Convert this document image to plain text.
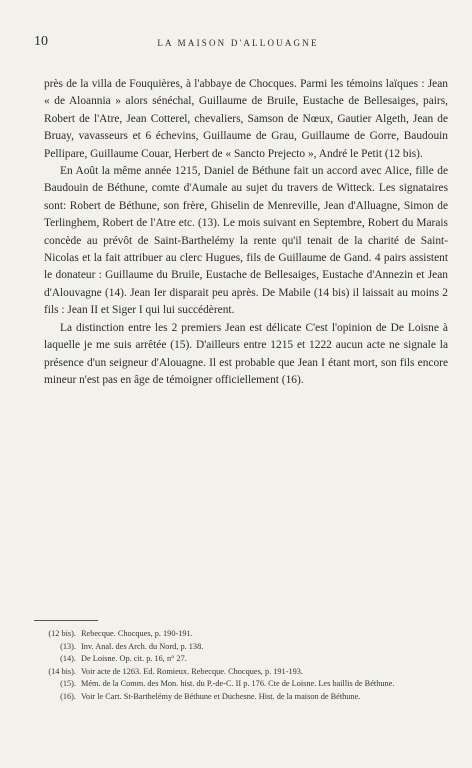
10	LA MAISON D'ALLOUAGNE

près de la villa de Fouquières, à l'abbaye de Chocques. Parmi les témoins laïques : Jean « de Aloannia » alors sénéchal, Guillaume de Bruile, Eustache de Bellesaiges, pairs, Robert de l'Atre, Jean Cotterel, chevaliers, Samson de Nœux, Gautier Algeth, Jean de Bruay, vavasseurs et 6 échevins, Guillaume de Grau, Guillaume de Gorre, Baudouin Pellipare, Guillaume Couar, Herbert de « Sancto Prejecto », André le Petit (12 bis).

En Août la même année 1215, Daniel de Béthune fait un accord avec Alice, fille de Baudouin de Béthune, comte d'Aumale au sujet du travers de Witteck. Les signataires sont: Robert de Béthune, son frère, Ghiselin de Menreville, Jean d'Alluagne, Simon de Terlinghem, Robert de l'Atre etc. (13). Le mois suivant en Septembre, Robert du Marais concède au prévôt de Saint-Barthelémy la rente qu'il tenait de la charité de Saint-Nicolas et la fait attribuer au clerc Hugues, fils de Guillaume de Gand. 4 pairs assistent le donateur : Guillaume du Bruile, Eustache de Bellesaiges, Eustache d'Annezin et Jean d'Alouvagne (14). Jean Ier disparait peu après. De Mabile (14 bis) il laissait au moins 2 fils : Jean II et Siger I qui lui succédèrent.

La distinction entre les 2 premiers Jean est délicate C'est l'opinion de De Loisne à laquelle je me suis arrêtée (15). D'ailleurs entre 1215 et 1222 aucun acte ne signale la présence d'un seigneur d'Alouagne. Il est probable que Jean I étant mort, son fils encore mineur n'est pas en âge de témoigner officiellement (16).

(12 bis). Rebecque. Chocques, p. 190-191.
(13). Inv. Anal. des Arch. du Nord, p. 138.
(14). De Loisne. Op. cit. p. 16, n° 27.
(14 bis). Voir acte de 1263. Ed. Romieux. Rebecque. Chocques, p. 191-193.
(15). Mém. de la Comm. des Mon. hist. du P.-de-C. II p. 176. Cte de Loisne. Les baillis de Béthune.
(16). Voir le Cart. St-Barthelémy de Béthune et Duchesne. Hist. de la maison de Béthune.
